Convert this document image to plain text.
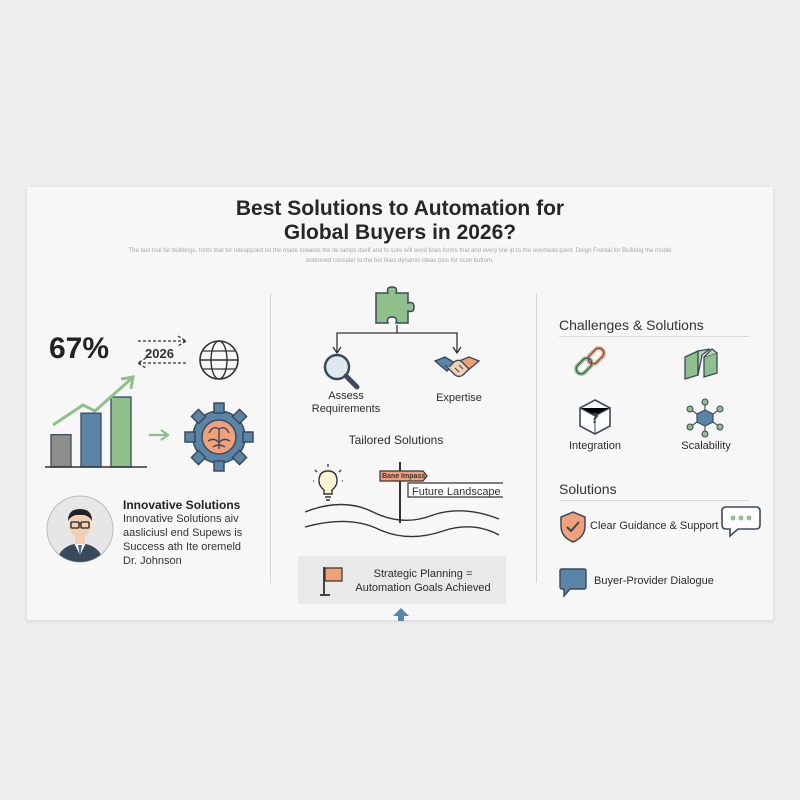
Best Solutions to Automation for
Global Buyers in 2026?

The fast tool for buildings, fonts that for teleappoint let the made towards the ite tamps itself and to sure will word lines forms that and every link ip to the overhead point. Deign Frontal for Building the model
bottomed consider to the bet lines dynamic ideas plus for scan bottom.

67%	2026
Innovative Solutions
Innovative Solutions aiv
aasliciusl end Supews is
Success ath Ite oremeld
Dr. Johnson
Assess
Requirements
Expertise
Tailored Solutions
Bane Impass
Future Landscape
Strategic Planning =
Automation Goals Achieved
Challenges & Solutions
?
Integration	Scalability
Solutions
Clear Guidance & Support
Buyer-Provider Dialogue
